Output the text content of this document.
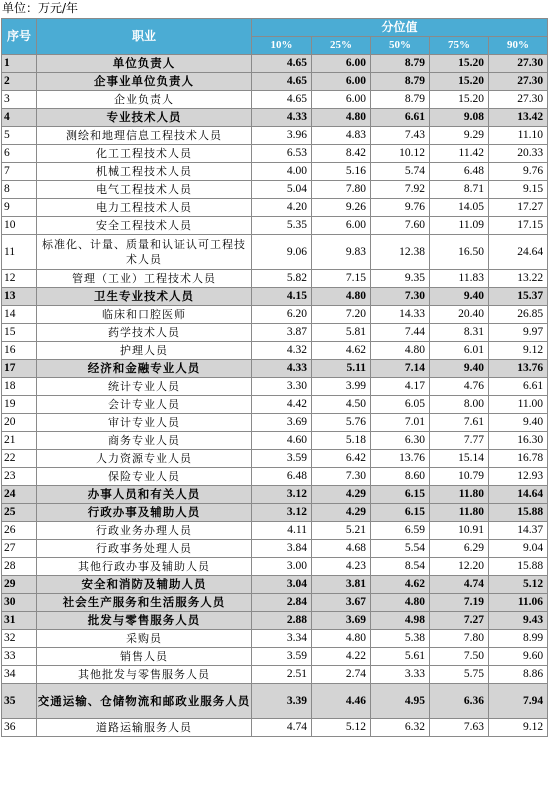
单位：万元/年
序号	职业	分位值				
		10%	25%	50%	75%	90%
1	单位负责人	4.65	6.00	8.79	15.20	27.30
2	企事业单位负责人	4.65	6.00	8.79	15.20	27.30
3	企业负责人	4.65	6.00	8.79	15.20	27.30
4	专业技术人员	4.33	4.80	6.61	9.08	13.42
5	测绘和地理信息工程技术人员	3.96	4.83	7.43	9.29	11.10
6	化工工程技术人员	6.53	8.42	10.12	11.42	20.33
7	机械工程技术人员	4.00	5.16	5.74	6.48	9.76
8	电气工程技术人员	5.04	7.80	7.92	8.71	9.15
9	电力工程技术人员	4.20	9.26	9.76	14.05	17.27
10	安全工程技术人员	5.35	6.00	7.60	11.09	17.15
11	标准化、计量、质量和认证认可工程技术人员	9.06	9.83	12.38	16.50	24.64
12	管理（工业）工程技术人员	5.82	7.15	9.35	11.83	13.22
13	卫生专业技术人员	4.15	4.80	7.30	9.40	15.37
14	临床和口腔医师	6.20	7.20	14.33	20.40	26.85
15	药学技术人员	3.87	5.81	7.44	8.31	9.97
16	护理人员	4.32	4.62	4.80	6.01	9.12
17	经济和金融专业人员	4.33	5.11	7.14	9.40	13.76
18	统计专业人员	3.30	3.99	4.17	4.76	6.61
19	会计专业人员	4.42	4.50	6.05	8.00	11.00
20	审计专业人员	3.69	5.76	7.01	7.61	9.40
21	商务专业人员	4.60	5.18	6.30	7.77	16.30
22	人力资源专业人员	3.59	6.42	13.76	15.14	16.78
23	保险专业人员	6.48	7.30	8.60	10.79	12.93
24	办事人员和有关人员	3.12	4.29	6.15	11.80	14.64
25	行政办事及辅助人员	3.12	4.29	6.15	11.80	15.88
26	行政业务办理人员	4.11	5.21	6.59	10.91	14.37
27	行政事务处理人员	3.84	4.68	5.54	6.29	9.04
28	其他行政办事及辅助人员	3.00	4.23	8.54	12.20	15.88
29	安全和消防及辅助人员	3.04	3.81	4.62	4.74	5.12
30	社会生产服务和生活服务人员	2.84	3.67	4.80	7.19	11.06
31	批发与零售服务人员	2.88	3.69	4.98	7.27	9.43
32	采购员	3.34	4.80	5.38	7.80	8.99
33	销售人员	3.59	4.22	5.61	7.50	9.60
34	其他批发与零售服务人员	2.51	2.74	3.33	5.75	8.86
35	交通运输、仓储物流和邮政业服务人员	3.39	4.46	4.95	6.36	7.94
36	道路运输服务人员	4.74	5.12	6.32	7.63	9.12
